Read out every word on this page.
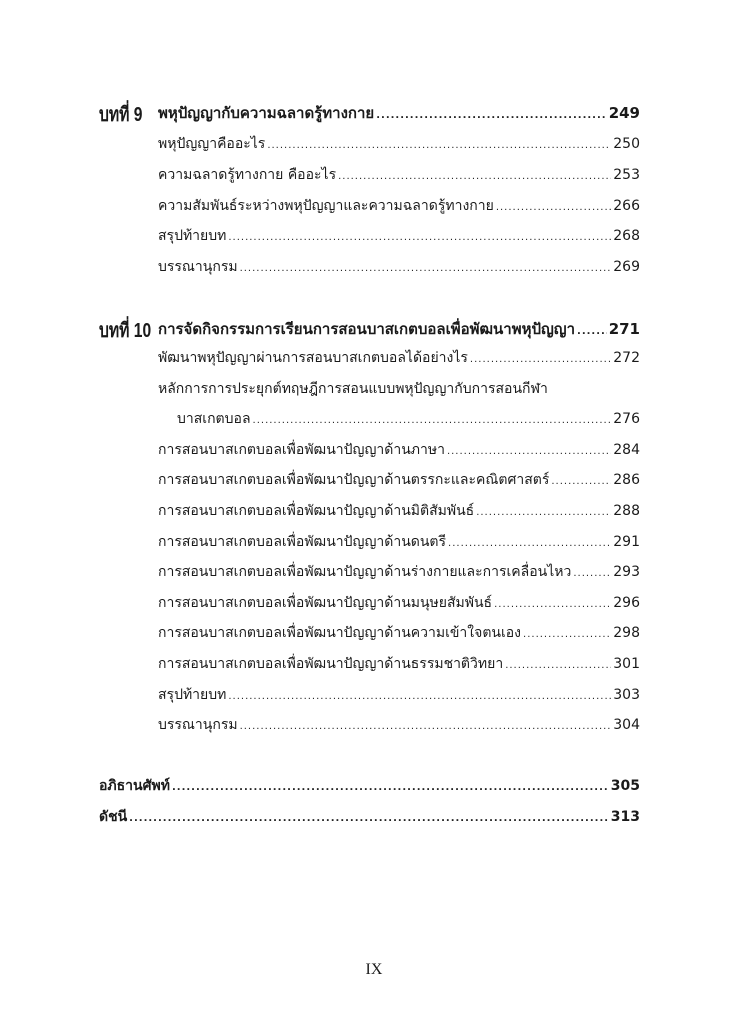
บทที่ 9 พหุปัญญากับความฉลาดรู้ทางกาย .....	249
พหุปัญญาคืออะไร .....	250
ความฉลาดรู้ทางกาย คืออะไร .....	253
ความสัมพันธ์ระหว่างพหุปัญญาและความฉลาดรู้ทางกาย .....	266
สรุปท้ายบท .....	268
บรรณานุกรม .....	269
บทที่ 10 การจัดกิจกรรมการเรียนการสอนบาสเกตบอลเพื่อพัฒนาพหุปัญญา ..... 271
พัฒนาพหุปัญญาผ่านการสอนบาสเกตบอลได้อย่างไร .....	272
หลักการการประยุกต์ทฤษฎีการสอนแบบพหุปัญญากับการสอนกีฬา
บาสเกตบอล .....	276
การสอนบาสเกตบอลเพื่อพัฒนาปัญญาด้านภาษา .....	284
การสอนบาสเกตบอลเพื่อพัฒนาปัญญาด้านตรรกะและคณิตศาสตร์ .....	286
การสอนบาสเกตบอลเพื่อพัฒนาปัญญาด้านมิติสัมพันธ์ .....	288
การสอนบาสเกตบอลเพื่อพัฒนาปัญญาด้านดนตรี .....	291
การสอนบาสเกตบอลเพื่อพัฒนาปัญญาด้านร่างกายและการเคลื่อนไหว .....	293
การสอนบาสเกตบอลเพื่อพัฒนาปัญญาด้านมนุษยสัมพันธ์ .....	296
การสอนบาสเกตบอลเพื่อพัฒนาปัญญาด้านความเข้าใจตนเอง .....	298
การสอนบาสเกตบอลเพื่อพัฒนาปัญญาด้านธรรมชาติวิทยา .....	301
สรุปท้ายบท .....	303
บรรณานุกรม .....	304
อภิธานศัพท์ .....	305
ดัชนี .....	313
IX
